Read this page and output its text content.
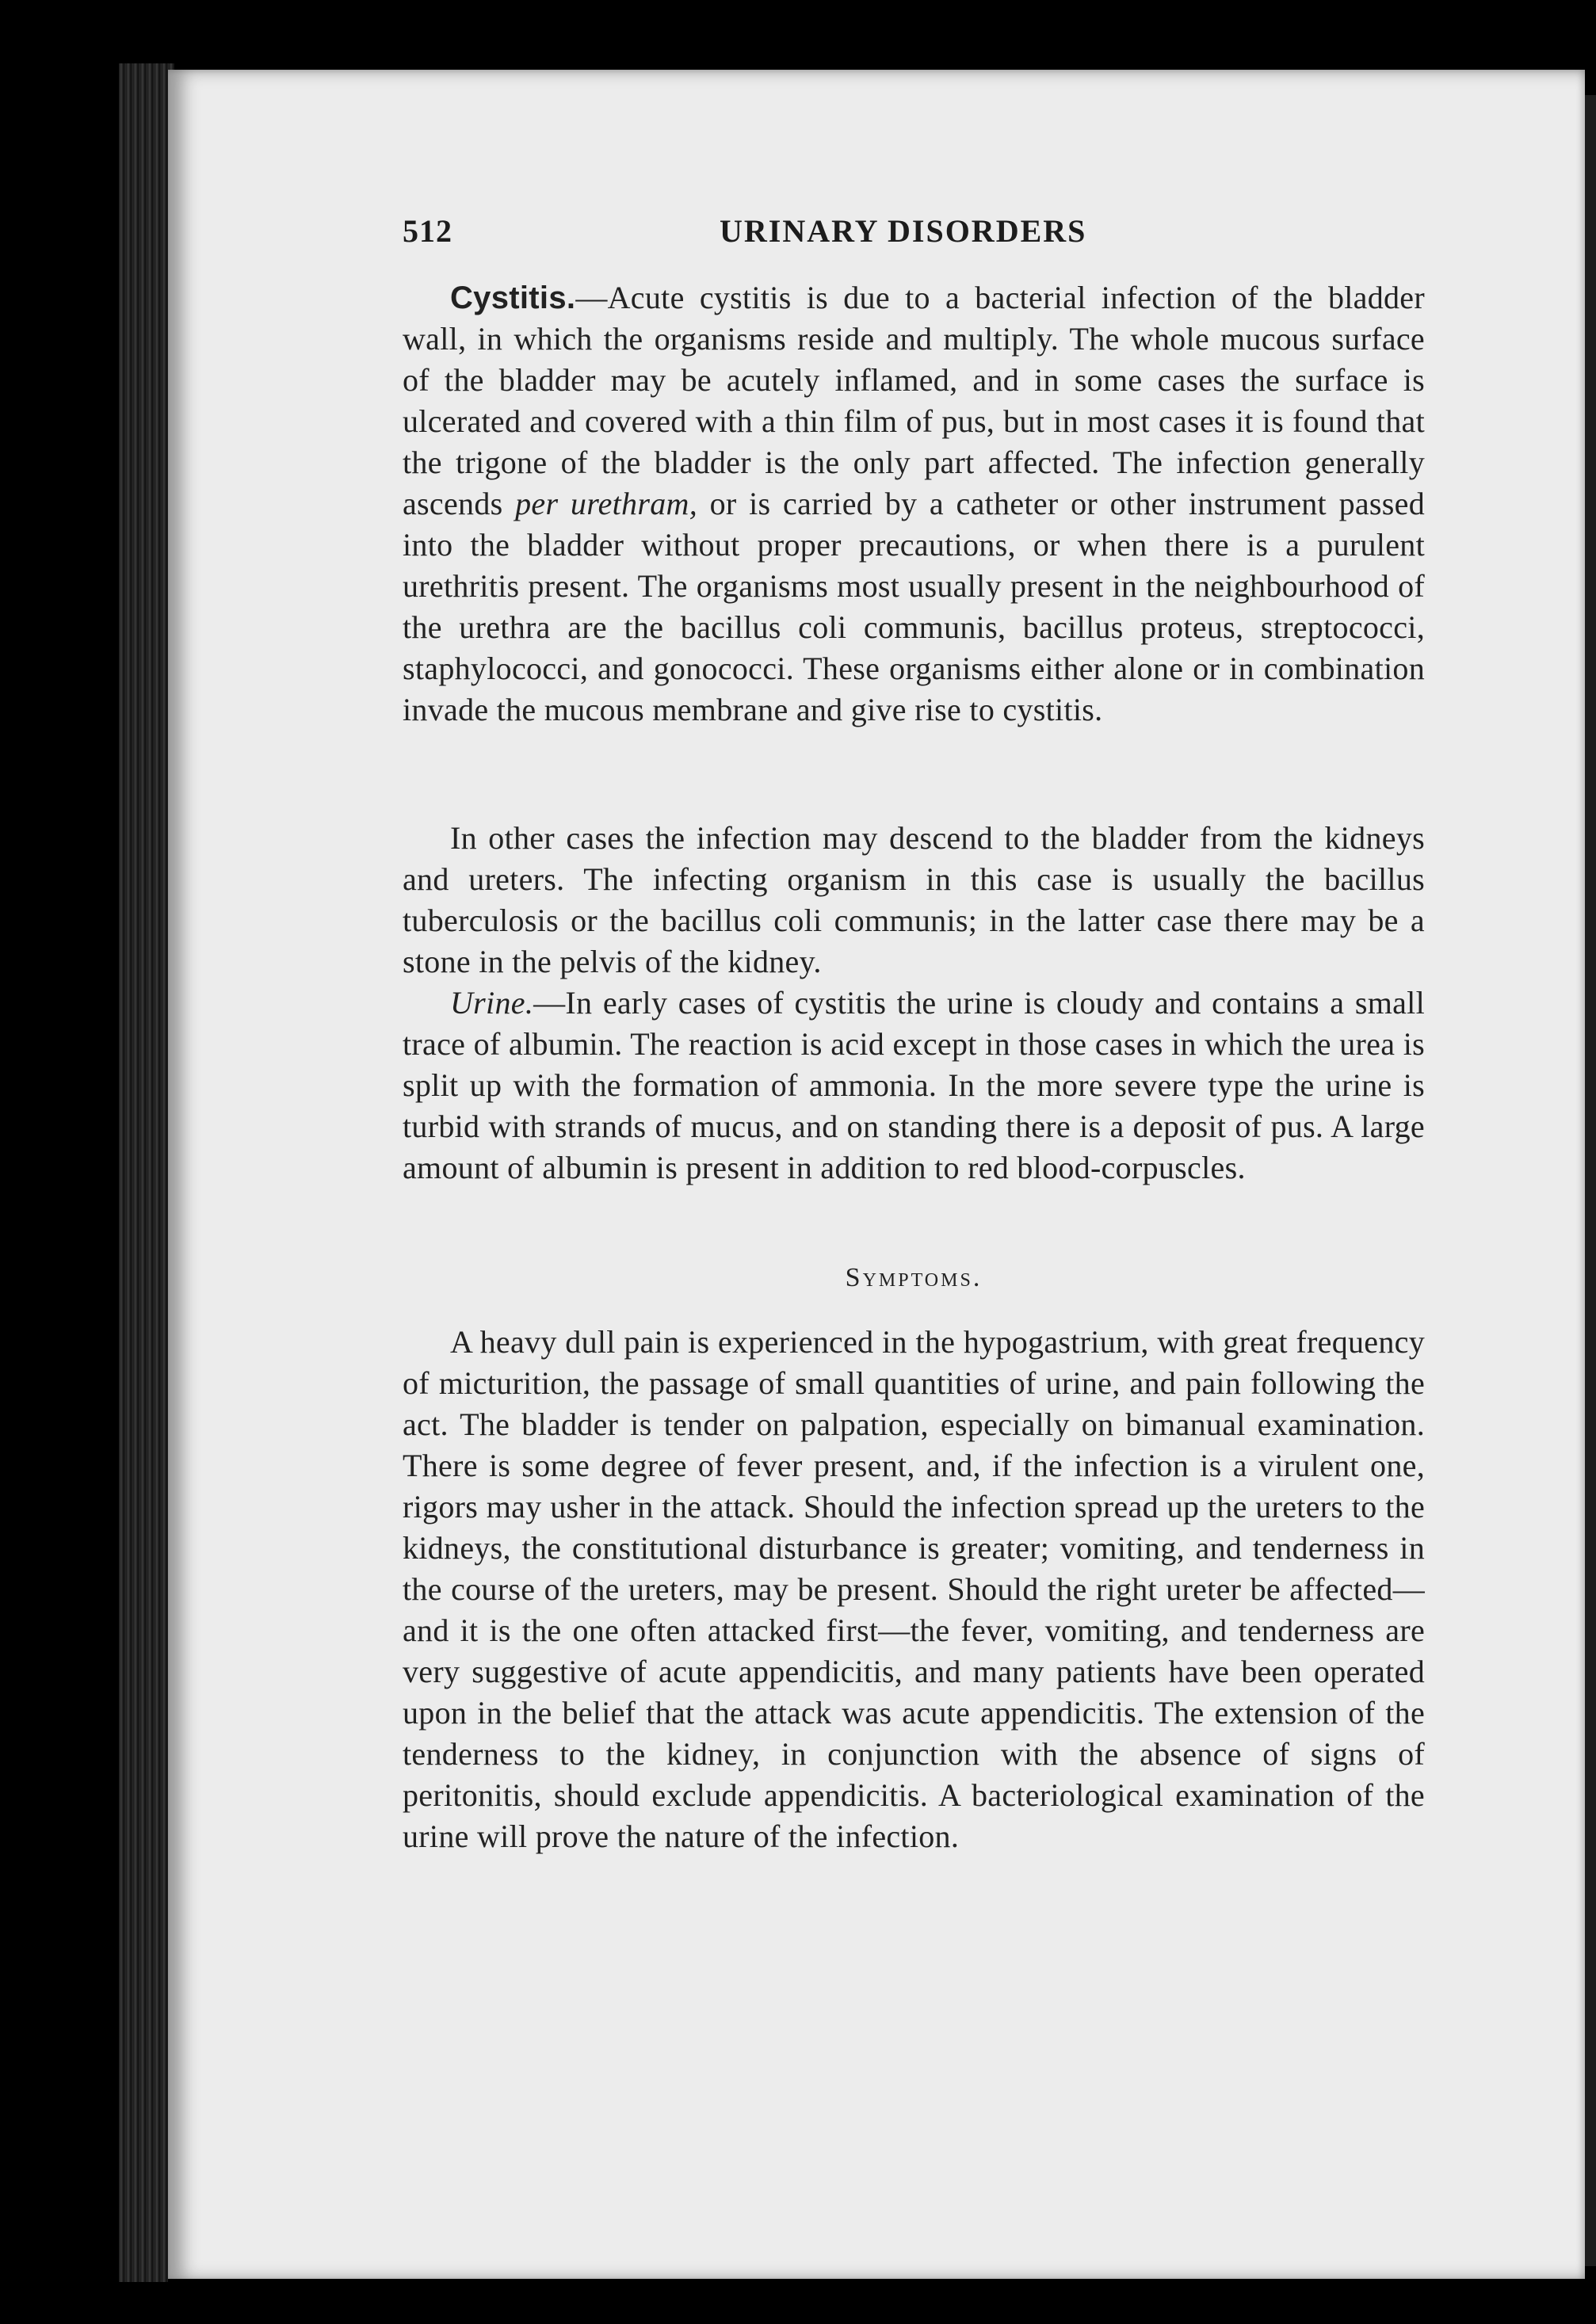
512	URINARY DISORDERS

Cystitis.—Acute cystitis is due to a bacterial infection of the bladder wall, in which the organisms reside and multiply. The whole mucous surface of the bladder may be acutely inflamed, and in some cases the surface is ulcerated and covered with a thin film of pus, but in most cases it is found that the trigone of the bladder is the only part affected. The infection generally ascends per urethram, or is carried by a catheter or other instrument passed into the bladder without proper precautions, or when there is a purulent urethritis present. The organisms most usually present in the neighbourhood of the urethra are the bacillus coli communis, bacillus proteus, streptococci, staphylococci, and gonococci. These organisms either alone or in combination invade the mucous membrane and give rise to cystitis.

In other cases the infection may descend to the bladder from the kidneys and ureters. The infecting organism in this case is usually the bacillus tuberculosis or the bacillus coli communis; in the latter case there may be a stone in the pelvis of the kidney.

Urine.—In early cases of cystitis the urine is cloudy and contains a small trace of albumin. The reaction is acid except in those cases in which the urea is split up with the formation of ammonia. In the more severe type the urine is turbid with strands of mucus, and on standing there is a deposit of pus. A large amount of albumin is present in addition to red blood-corpuscles.

Symptoms.

A heavy dull pain is experienced in the hypogastrium, with great frequency of micturition, the passage of small quantities of urine, and pain following the act. The bladder is tender on palpation, especially on bimanual examination. There is some degree of fever present, and, if the infection is a virulent one, rigors may usher in the attack. Should the infection spread up the ureters to the kidneys, the constitutional disturbance is greater; vomiting, and tenderness in the course of the ureters, may be present. Should the right ureter be affected—and it is the one often attacked first—the fever, vomiting, and tenderness are very suggestive of acute appendicitis, and many patients have been operated upon in the belief that the attack was acute appendicitis. The extension of the tenderness to the kidney, in conjunction with the absence of signs of peritonitis, should exclude appendicitis. A bacteriological examination of the urine will prove the nature of the infection.
